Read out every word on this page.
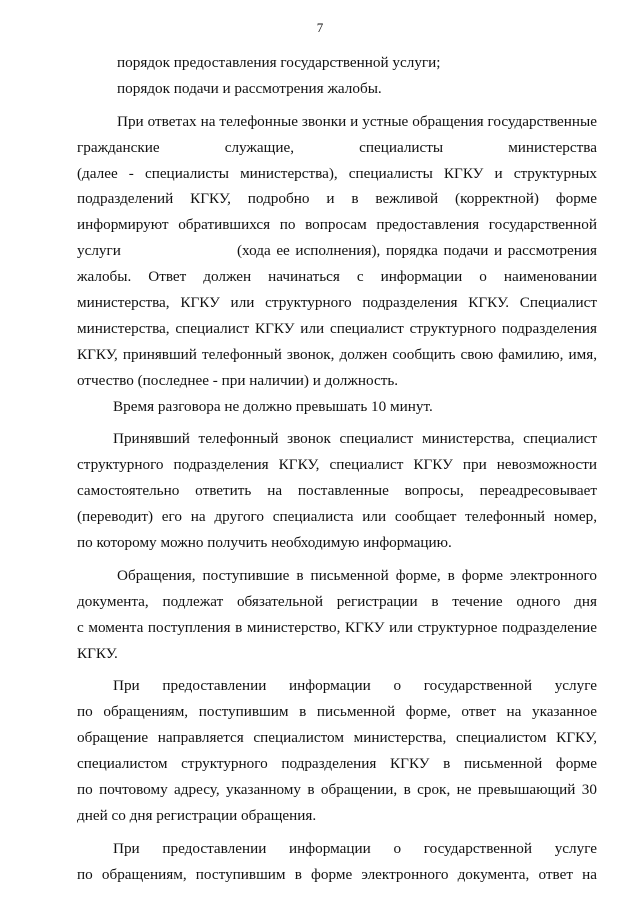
7
порядок предоставления государственной услуги;
порядок подачи и рассмотрения жалобы.
При ответах на телефонные звонки и устные обращения государственные
гражданские служащие, специалисты министерства
(далее - специалисты министерства), специалисты КГКУ и структурных
подразделений КГКУ, подробно и в вежливой (корректной) форме
информируют обратившихся по вопросам предоставления государственной
услуги	(хода ее исполнения), порядка подачи и рассмотрения
жалобы. Ответ должен начинаться с информации о наименовании
министерства, КГКУ или структурного подразделения КГКУ. Специалист
министерства, специалист КГКУ или специалист структурного подразделения
КГКУ, принявший телефонный звонок, должен сообщить свою фамилию, имя,
отчество (последнее - при наличии) и должность.
Время разговора не должно превышать 10 минут.
Принявший телефонный звонок специалист министерства, специалист
структурного подразделения КГКУ, специалист КГКУ при невозможности
самостоятельно ответить на поставленные вопросы, переадресовывает
(переводит) его на другого специалиста или сообщает телефонный номер,
по которому можно получить необходимую информацию.
Обращения, поступившие в письменной форме, в форме электронного
документа, подлежат обязательной регистрации в течение одного дня
с момента поступления в министерство, КГКУ или структурное подразделение
КГКУ.
При предоставлении информации о государственной услуге
по обращениям, поступившим в письменной форме, ответ на указанное
обращение направляется специалистом министерства, специалистом КГКУ,
специалистом структурного подразделения КГКУ в письменной форме
по почтовому адресу, указанному в обращении, в срок, не превышающий 30
дней со дня регистрации обращения.
При предоставлении информации о государственной услуге
по обращениям, поступившим в форме электронного документа, ответ на
